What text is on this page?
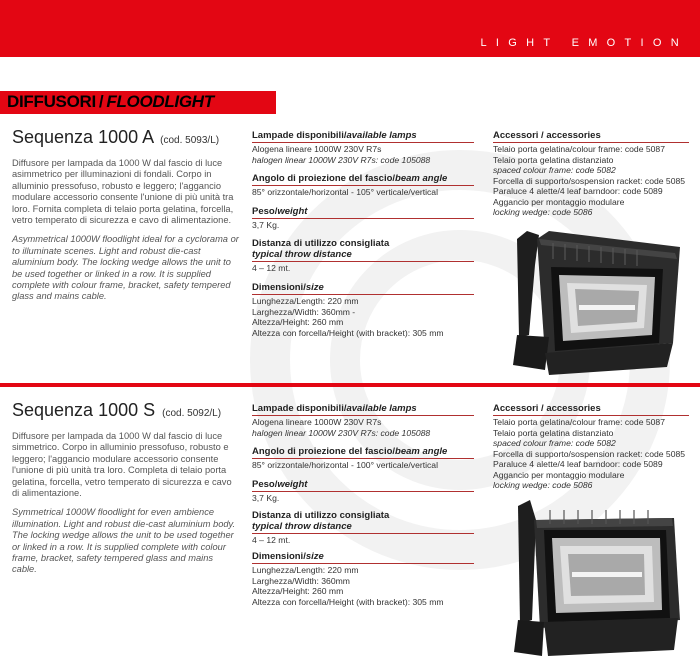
LIGHT EMOTION
DIFFUSORI / FLOODLIGHT
Sequenza 1000 A (cod. 5093/L)
Diffusore per lampada da 1000 W dal fascio di luce asimmetrico per illuminazioni di fondali. Corpo in alluminio pressofuso, robusto e leggero; l'aggancio modulare accessorio consente l'unione di più unità tra loro. Fornita completa di telaio porta gelatina, forcella, vetro temperato di sicurezza e cavo di alimentazione.
Asymmetrical 1000W floodlight ideal for a cyclorama or to illuminate scenes. Light and robust die-cast aluminium body. The locking wedge allows the unit to be used together or linked in a row. It is supplied complete with colour frame, bracket, safety tempered glass and mains cable.
Lampade disponibili/available lamps
Alogena lineare 1000W 230V R7s
halogen linear 1000W 230V R7s: code 105088
Angolo di proiezione del fascio/beam angle
85° orizzontale/horizontal - 105° verticale/vertical
Peso/weight
3,7 Kg.
Distanza di utilizzo consigliata
typical throw distance
4 – 12 mt.
Dimensioni/size
Lunghezza/Length: 220 mm
Larghezza/Width: 360mm -
Altezza/Height: 260 mm
Altezza con forcella/Height (with bracket): 305 mm
Accessori / accessories
Telaio porta gelatina/colour frame: code 5087
Telaio porta gelatina distanziato
spaced colour frame: code 5082
Forcella di supporto/sospension racket: code 5085
Paraluce 4 alette/4 leaf barndoor: code 5089
Aggancio per montaggio modulare
locking wedge: code 5086
Sequenza 1000 S (cod. 5092/L)
Diffusore per lampada da 1000 W dal fascio di luce simmetrico. Corpo in alluminio pressofuso, robusto e leggero; l'aggancio modulare accessorio consente l'unione di più unità tra loro. Completa di telaio porta gelatina, forcella, vetro temperato di sicurezza e cavo di alimentazione.
Symmetrical 1000W floodlight for even ambience illumination. Light and robust die-cast aluminium body. The locking wedge allows the unit to be used together or linked in a row. It is supplied complete with colour frame, bracket, safety tempered glass and mains cable.
Lampade disponibili/available lamps
Alogena lineare 1000W 230V R7s
halogen linear 1000W 230V R7s: code 105088
Angolo di proiezione del fascio/beam angle
85° orizzontale/horizontal - 100° verticale/vertical
Peso/weight
3,7 Kg.
Distanza di utilizzo consigliata
typical throw distance
4 – 12 mt.
Dimensioni/size
Lunghezza/Length: 220 mm
Larghezza/Width: 360mm
Altezza/Height: 260 mm
Altezza con forcella/Height (with bracket): 305 mm
Accessori / accessories
Telaio porta gelatina/colour frame: code 5087
Telaio porta gelatina distanziato
spaced colour frame: code 5082
Forcella di supporto/sospension racket: code 5085
Paraluce 4 alette/4 leaf barndoor: code 5089
Aggancio per montaggio modulare
locking wedge: code 5086
